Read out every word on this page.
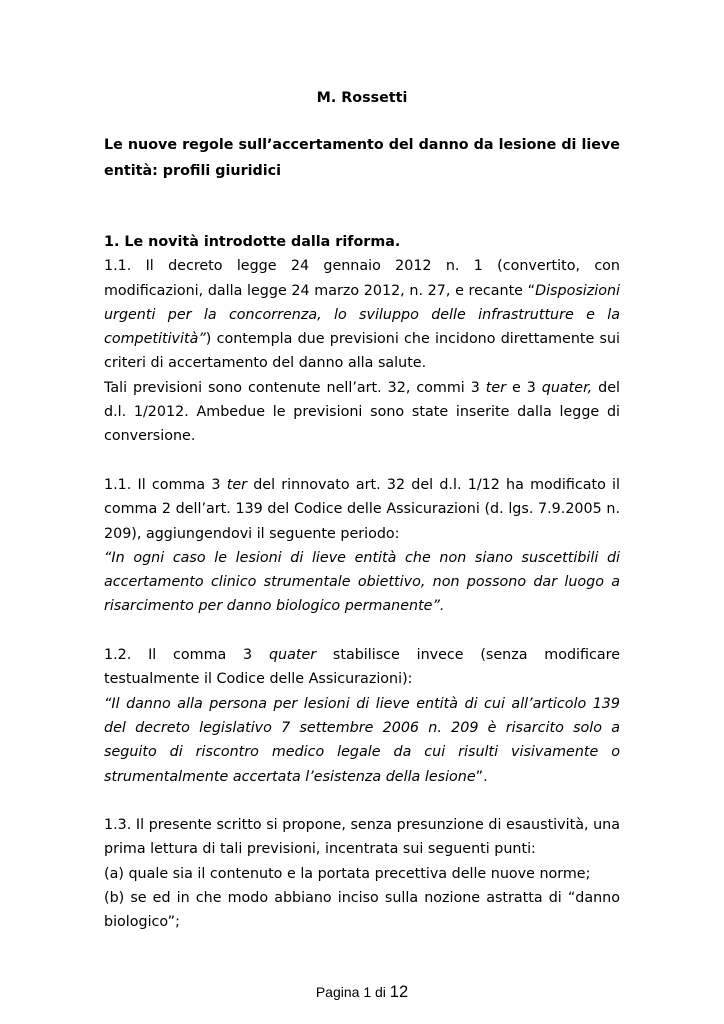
M. Rossetti
Le nuove regole sull’accertamento del danno da lesione di lieve entità: profili giuridici

1. Le novità introdotte dalla riforma.

1.1. Il decreto legge 24 gennaio 2012 n. 1 (convertito, con modificazioni, dalla legge 24 marzo 2012, n. 27, e recante “Disposizioni urgenti per la concorrenza, lo sviluppo delle infrastrutture e la competitività”) contempla due previsioni che incidono direttamente sui criteri di accertamento del danno alla salute.

Tali previsioni sono contenute nell’art. 32, commi 3 ter e 3 quater, del d.l. 1/2012. Ambedue le previsioni sono state inserite dalla legge di conversione.

1.1. Il comma 3 ter del rinnovato art. 32 del d.l. 1/12 ha modificato il comma 2 dell’art. 139 del Codice delle Assicurazioni (d. lgs. 7.9.2005 n. 209), aggiungendovi il seguente periodo:

“In ogni caso le lesioni di lieve entità che non siano suscettibili di accertamento clinico strumentale obiettivo, non possono dar luogo a risarcimento per danno biologico permanente”.

1.2. Il comma 3 quater stabilisce invece (senza modificare testualmente il Codice delle Assicurazioni):

“Il danno alla persona per lesioni di lieve entità di cui all’articolo 139 del decreto legislativo 7 settembre 2006 n. 209 è risarcito solo a seguito di riscontro medico legale da cui risulti visivamente o strumentalmente accertata l’esistenza della lesione”.

1.3. Il presente scritto si propone, senza presunzione di esaustività, una prima lettura di tali previsioni, incentrata sui seguenti punti:

(a) quale sia il contenuto e la portata precettiva delle nuove norme;

(b) se ed in che modo abbiano inciso sulla nozione astratta di “danno biologico”;

Pagina 1 di 12
